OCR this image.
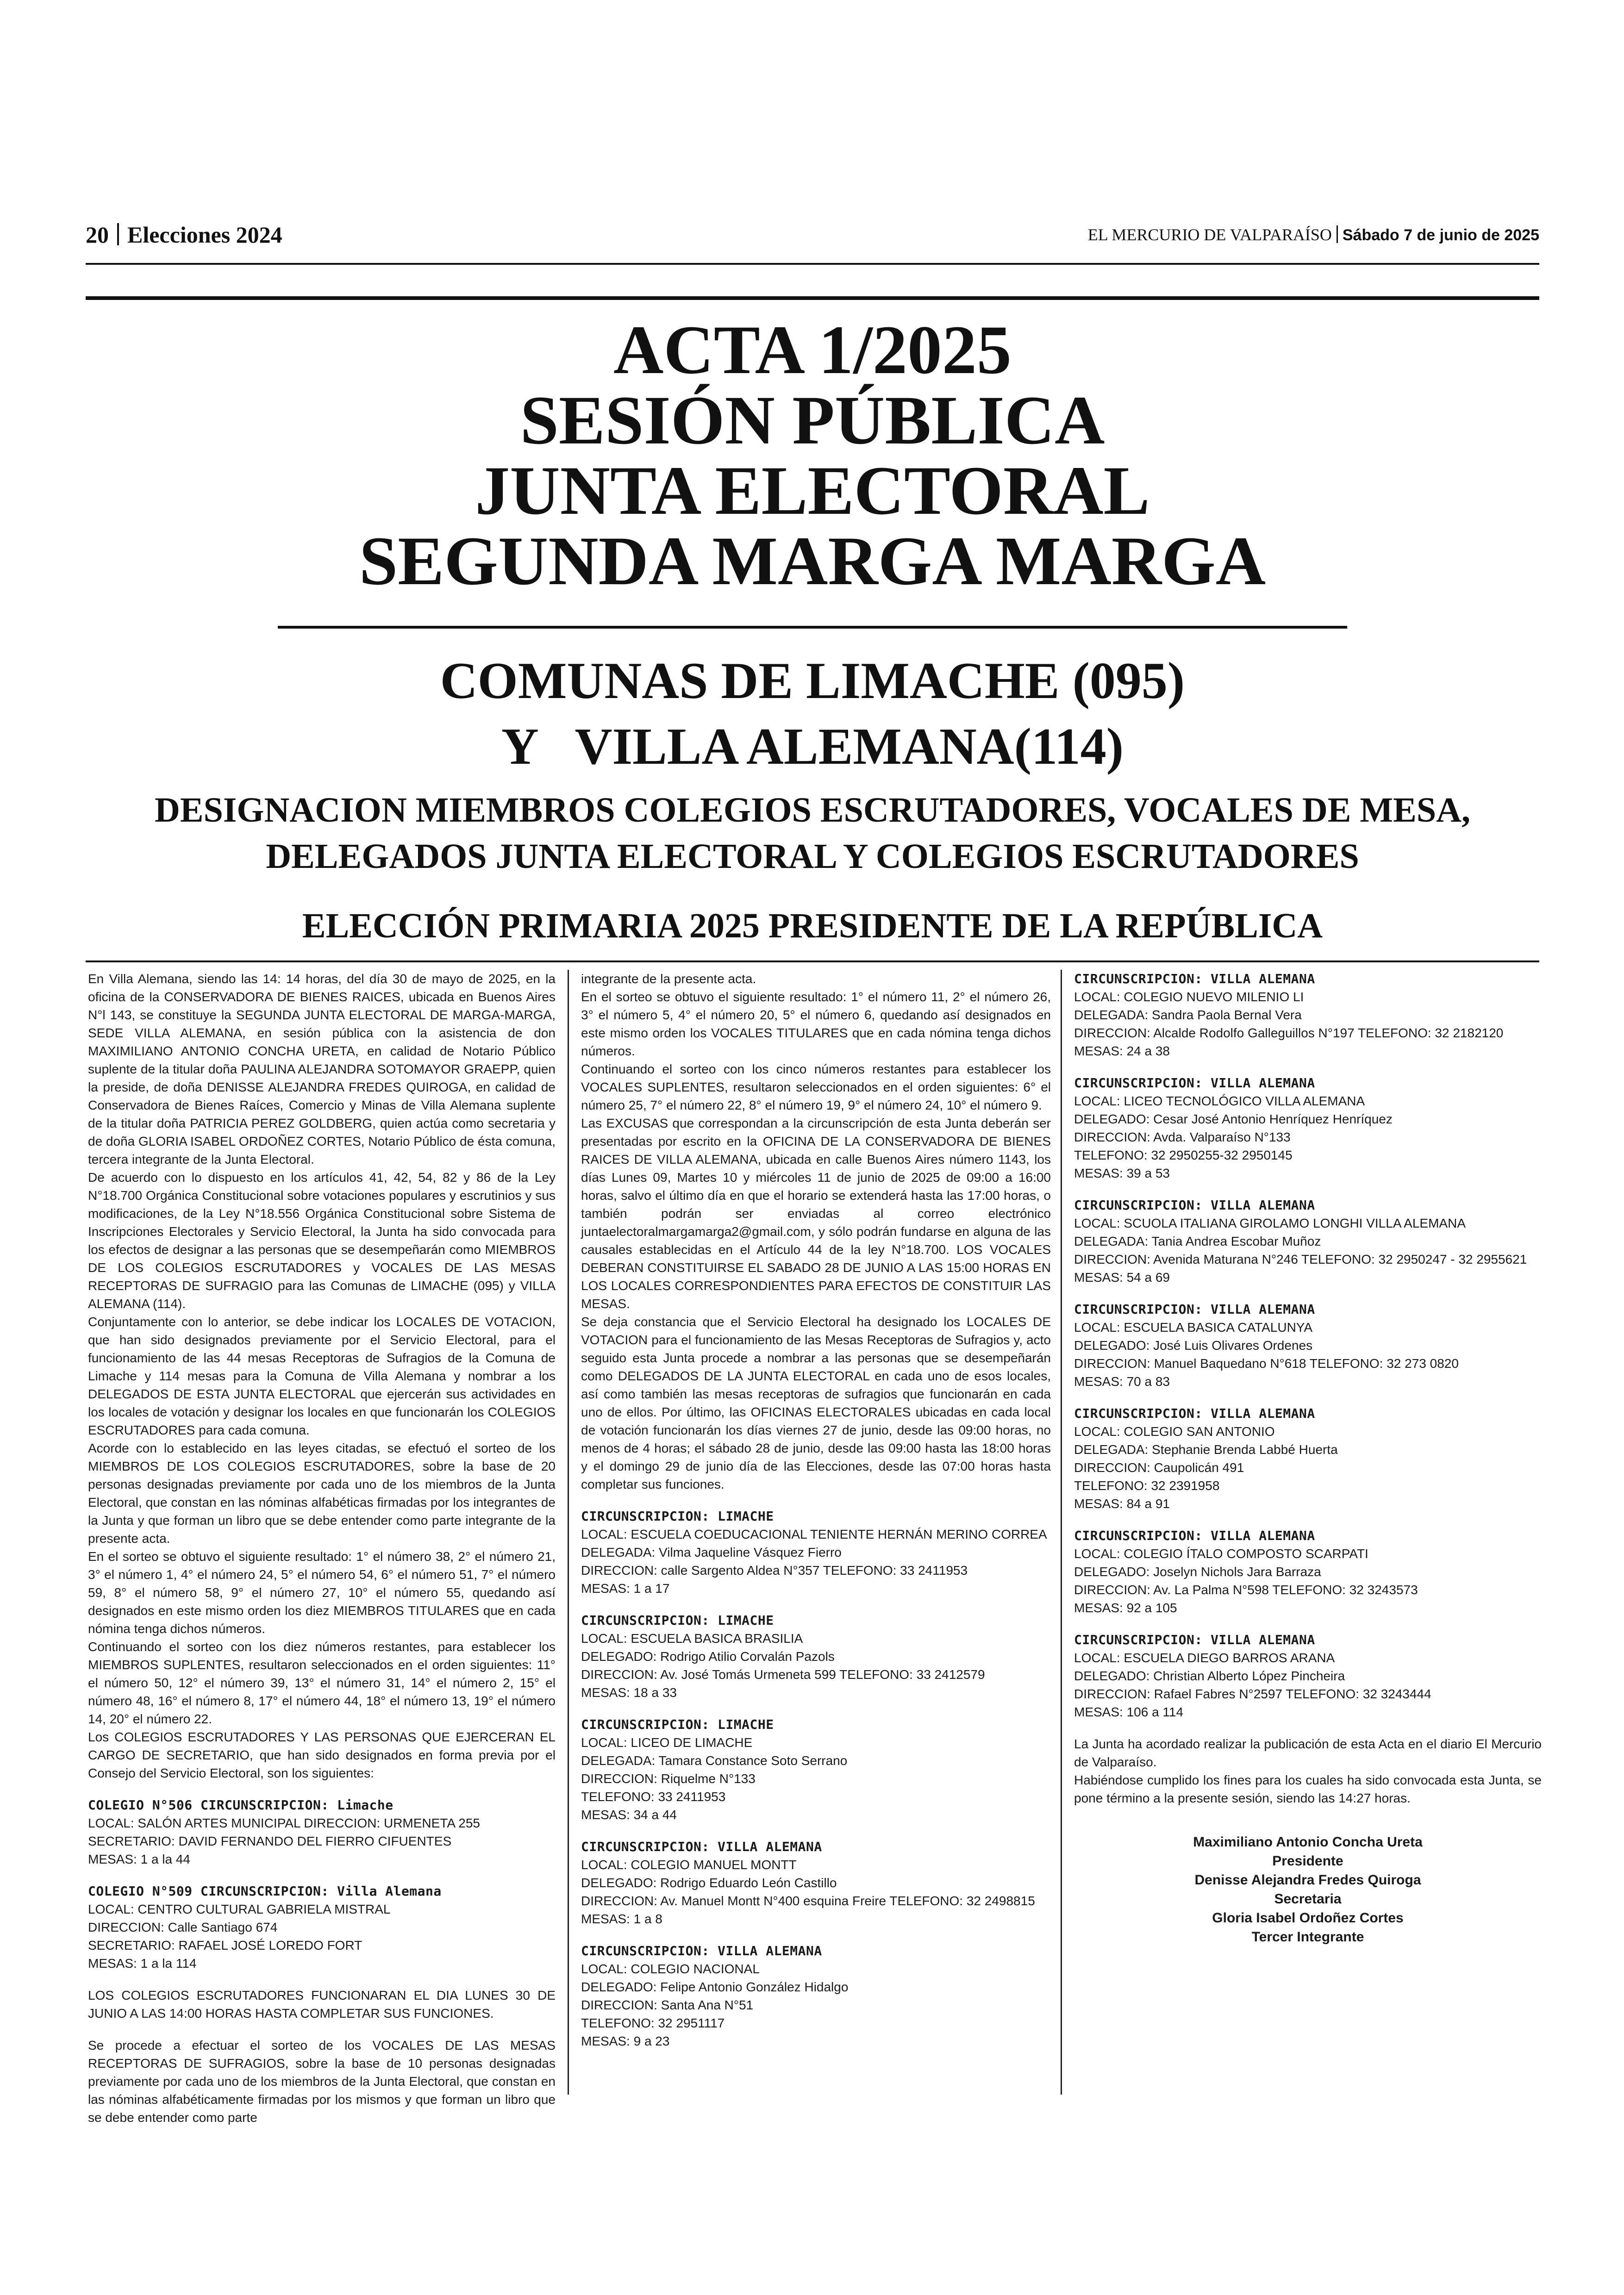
20 Elecciones 2024	EL MERCURIO DE VALPARAÍSO Sábado 7 de junio de 2025
ACTA 1/2025
SESIÓN PÚBLICA
JUNTA ELECTORAL
SEGUNDA MARGA MARGA
COMUNAS DE LIMACHE (095)
Y   VILLA ALEMANA(114)
DESIGNACION MIEMBROS COLEGIOS ESCRUTADORES, VOCALES DE MESA,
DELEGADOS JUNTA ELECTORAL Y COLEGIOS ESCRUTADORES
ELECCIÓN PRIMARIA 2025 PRESIDENTE DE LA REPÚBLICA

En Villa Alemana, siendo las 14: 14 horas, del día 30 de mayo de 2025, en la oficina de la CONSERVADORA DE BIENES RAICES, ubicada en Buenos Aires N°l 143, se constituye la SEGUNDA JUNTA ELECTORAL DE MARGA-MARGA, SEDE VILLA ALEMANA, en sesión pública con la asistencia de don MAXIMILIANO ANTONIO CONCHA URETA, en calidad de Notario Público suplente de la titular doña PAULINA ALEJANDRA SOTOMAYOR GRAEPP, quien la preside, de doña DENISSE ALEJANDRA FREDES QUIROGA, en calidad de Conservadora de Bienes Raíces, Comercio y Minas de Villa Alemana suplente de la titular doña PATRICIA PEREZ GOLDBERG, quien actúa como secretaria y de doña GLORIA ISABEL ORDOÑEZ CORTES, Notario Público de ésta comuna, tercera integrante de la Junta Electoral.

De acuerdo con lo dispuesto en los artículos 41, 42, 54, 82 y 86 de la Ley N°18.700 Orgánica Constitucional sobre votaciones populares y escrutinios y sus modificaciones, de la Ley N°18.556 Orgánica Constitucional sobre Sistema de Inscripciones Electorales y Servicio Electoral, la Junta ha sido convocada para los efectos de designar a las personas que se desempeñarán como MIEMBROS DE LOS COLEGIOS ESCRUTADORES y VOCALES DE LAS MESAS RECEPTORAS DE SUFRAGIO para las Comunas de LIMACHE (095) y VILLA ALEMANA (114).

Conjuntamente con lo anterior, se debe indicar los LOCALES DE VOTACION, que han sido designados previamente por el Servicio Electoral, para el funcionamiento de las 44 mesas Receptoras de Sufragios de la Comuna de Limache y 114 mesas para la Comuna de Villa Alemana y nombrar a los DELEGADOS DE ESTA JUNTA ELECTORAL que ejercerán sus actividades en los locales de votación y designar los locales en que funcionarán los COLEGIOS ESCRUTADORES para cada comuna.

Acorde con lo establecido en las leyes citadas, se efectuó el sorteo de los MIEMBROS DE LOS COLEGIOS ESCRUTADORES, sobre la base de 20 personas designadas previamente por cada uno de los miembros de la Junta Electoral, que constan en las nóminas alfabéticas firmadas por los integrantes de la Junta y que forman un libro que se debe entender como parte integrante de la presente acta.

En el sorteo se obtuvo el siguiente resultado: 1° el número 38, 2° el número 21, 3° el número 1, 4° el número 24, 5° el número 54, 6° el número 51, 7° el número 59, 8° el número 58, 9° el número 27, 10° el número 55, quedando así designados en este mismo orden los diez MIEMBROS TITULARES que en cada nómina tenga dichos números.

Continuando el sorteo con los diez números restantes, para establecer los MIEMBROS SUPLENTES, resultaron seleccionados en el orden siguientes: 11° el número 50, 12° el número 39, 13° el número 31, 14° el número 2, 15° el número 48, 16° el número 8, 17° el número 44, 18° el número 13, 19° el número 14, 20° el número 22.

Los COLEGIOS ESCRUTADORES Y LAS PERSONAS QUE EJERCERAN EL CARGO DE SECRETARIO, que han sido designados en forma previa por el Consejo del Servicio Electoral, son los siguientes:

COLEGIO N°506 CIRCUNSCRIPCION: Limache
LOCAL: SALÓN ARTES MUNICIPAL DIRECCION: URMENETA 255
SECRETARIO: DAVID FERNANDO DEL FIERRO CIFUENTES
MESAS: 1 a la 44
COLEGIO N°509 CIRCUNSCRIPCION: Villa Alemana
LOCAL: CENTRO CULTURAL GABRIELA MISTRAL
DIRECCION: Calle Santiago 674
SECRETARIO: RAFAEL JOSÉ LOREDO FORT
MESAS: 1 a la 114

LOS COLEGIOS ESCRUTADORES FUNCIONARAN EL DIA LUNES 30 DE JUNIO A LAS 14:00 HORAS HASTA COMPLETAR SUS FUNCIONES.

Se procede a efectuar el sorteo de los VOCALES DE LAS MESAS RECEPTORAS DE SUFRAGIOS, sobre la base de 10 personas designadas previamente por cada uno de los miembros de la Junta Electoral, que constan en las nóminas alfabéticamente firmadas por los mismos y que forman un libro que se debe entender como parte

integrante de la presente acta.

En el sorteo se obtuvo el siguiente resultado: 1° el número 11, 2° el número 26, 3° el número 5, 4° el número 20, 5° el número 6, quedando así designados en este mismo orden los VOCALES TITULARES que en cada nómina tenga dichos números.

Continuando el sorteo con los cinco números restantes para establecer los VOCALES SUPLENTES, resultaron seleccionados en el orden siguientes: 6° el número 25, 7° el número 22, 8° el número 19, 9° el número 24, 10° el número 9.

Las EXCUSAS que correspondan a la circunscripción de esta Junta deberán ser presentadas por escrito en la OFICINA DE LA CONSERVADORA DE BIENES RAICES DE VILLA ALEMANA, ubicada en calle Buenos Aires número 1143, los días Lunes 09, Martes 10 y miércoles 11 de junio de 2025 de 09:00 a 16:00 horas, salvo el último día en que el horario se extenderá hasta las 17:00 horas, o también podrán ser enviadas al correo electrónico juntaelectoralmargamarga2@gmail.com, y sólo podrán fundarse en alguna de las causales establecidas en el Artículo 44 de la ley N°18.700. LOS VOCALES DEBERAN CONSTITUIRSE EL SABADO 28 DE JUNIO A LAS 15:00 HORAS EN LOS LOCALES CORRESPONDIENTES PARA EFECTOS DE CONSTITUIR LAS MESAS.

Se deja constancia que el Servicio Electoral ha designado los LOCALES DE VOTACION para el funcionamiento de las Mesas Receptoras de Sufragios y, acto seguido esta Junta procede a nombrar a las personas que se desempeñarán como DELEGADOS DE LA JUNTA ELECTORAL en cada uno de esos locales, así como también las mesas receptoras de sufragios que funcionarán en cada uno de ellos. Por último, las OFICINAS ELECTORALES ubicadas en cada local de votación funcionarán los días viernes 27 de junio, desde las 09:00 horas, no menos de 4 horas; el sábado 28 de junio, desde las 09:00 hasta las 18:00 horas y el domingo 29 de junio día de las Elecciones, desde las 07:00 horas hasta completar sus funciones.

CIRCUNSCRIPCION: LIMACHE
LOCAL: ESCUELA COEDUCACIONAL TENIENTE HERNÁN MERINO CORREA
DELEGADA: Vilma Jaqueline Vásquez Fierro
DIRECCION: calle Sargento Aldea N°357 TELEFONO: 33 2411953
MESAS: 1 a 17
CIRCUNSCRIPCION: LIMACHE
LOCAL: ESCUELA BASICA BRASILIA
DELEGADO: Rodrigo Atilio Corvalán Pazols
DIRECCION: Av. José Tomás Urmeneta 599 TELEFONO: 33 2412579
MESAS: 18 a 33
CIRCUNSCRIPCION: LIMACHE
LOCAL: LICEO DE LIMACHE
DELEGADA: Tamara Constance Soto Serrano
DIRECCION: Riquelme N°133
TELEFONO: 33 2411953
MESAS: 34 a 44
CIRCUNSCRIPCION: VILLA ALEMANA
LOCAL: COLEGIO MANUEL MONTT
DELEGADO: Rodrigo Eduardo León Castillo
DIRECCION: Av. Manuel Montt N°400 esquina Freire TELEFONO: 32 2498815
MESAS: 1 a 8
CIRCUNSCRIPCION: VILLA ALEMANA
LOCAL: COLEGIO NACIONAL
DELEGADO: Felipe Antonio González Hidalgo
DIRECCION: Santa Ana N°51
TELEFONO: 32 2951117
MESAS: 9 a 23
CIRCUNSCRIPCION: VILLA ALEMANA
LOCAL: COLEGIO NUEVO MILENIO LI
DELEGADA: Sandra Paola Bernal Vera
DIRECCION: Alcalde Rodolfo Galleguillos N°197 TELEFONO: 32 2182120
MESAS: 24 a 38
CIRCUNSCRIPCION: VILLA ALEMANA
LOCAL: LICEO TECNOLÓGICO VILLA ALEMANA
DELEGADO: Cesar José Antonio Henríquez Henríquez
DIRECCION: Avda. Valparaíso N°133
TELEFONO: 32 2950255-32 2950145
MESAS: 39 a 53
CIRCUNSCRIPCION: VILLA ALEMANA
LOCAL: SCUOLA ITALIANA GIROLAMO LONGHI VILLA ALEMANA
DELEGADA: Tania Andrea Escobar Muñoz
DIRECCION: Avenida Maturana N°246 TELEFONO: 32 2950247 - 32 2955621
MESAS: 54 a 69
CIRCUNSCRIPCION: VILLA ALEMANA
LOCAL: ESCUELA BASICA CATALUNYA
DELEGADO: José Luis Olivares Ordenes
DIRECCION: Manuel Baquedano N°618 TELEFONO: 32 273 0820
MESAS: 70 a 83
CIRCUNSCRIPCION: VILLA ALEMANA
LOCAL: COLEGIO SAN ANTONIO
DELEGADA: Stephanie Brenda Labbé Huerta
DIRECCION: Caupolicán 491
TELEFONO: 32 2391958
MESAS: 84 a 91
CIRCUNSCRIPCION: VILLA ALEMANA
LOCAL: COLEGIO ÍTALO COMPOSTO SCARPATI
DELEGADO: Joselyn Nichols Jara Barraza
DIRECCION: Av. La Palma N°598 TELEFONO: 32 3243573
MESAS: 92 a 105
CIRCUNSCRIPCION: VILLA ALEMANA
LOCAL: ESCUELA DIEGO BARROS ARANA
DELEGADO: Christian Alberto López Pincheira
DIRECCION: Rafael Fabres N°2597 TELEFONO: 32 3243444
MESAS: 106 a 114

La Junta ha acordado realizar la publicación de esta Acta en el diario El Mercurio de Valparaíso.

Habiéndose cumplido los fines para los cuales ha sido convocada esta Junta, se pone término a la presente sesión, siendo las 14:27 horas.

Maximiliano Antonio Concha Ureta
Presidente
Denisse Alejandra Fredes Quiroga
Secretaria
Gloria Isabel Ordoñez Cortes
Tercer Integrante
